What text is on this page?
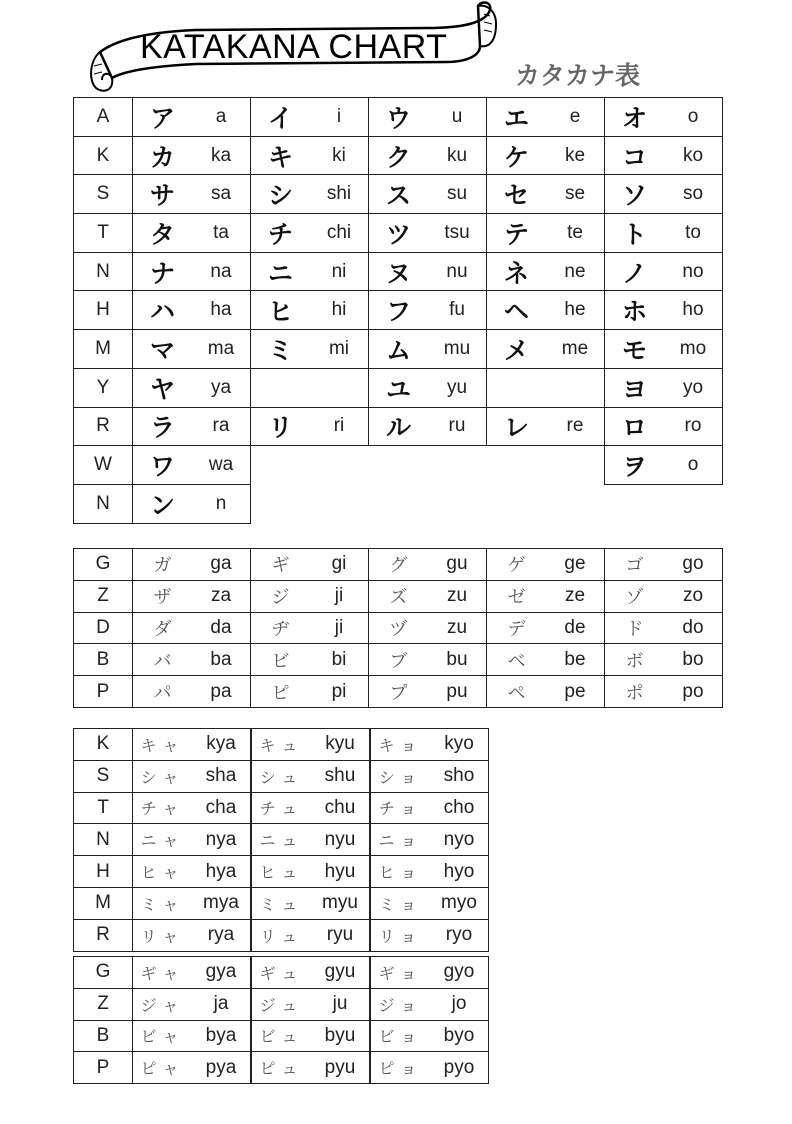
KATAKANA CHART
カタカナ表
A	ア	a	イ	i	ウ	u	エ	e	オ	o
K	カ	ka	キ	ki	ク	ku	ケ	ke	コ	ko
S	サ	sa	シ	shi	ス	su	セ	se	ソ	so
T	タ	ta	チ	chi	ツ	tsu	テ	te	ト	to
N	ナ	na	ニ	ni	ヌ	nu	ネ	ne	ノ	no
H	ハ	ha	ヒ	hi	フ	fu	ヘ	he	ホ	ho
M	マ	ma	ミ	mi	ム	mu	メ	me	モ	mo
Y	ヤ	ya			ユ	yu			ヨ	yo
R	ラ	ra	リ	ri	ル	ru	レ	re	ロ	ro
W	ワ	wa							ヲ	o
N	ン	n								
G	ガ	ga	ギ	gi	グ	gu	ゲ	ge	ゴ	go
Z	ザ	za	ジ	ji	ズ	zu	ゼ	ze	ゾ	zo
D	ダ	da	ヂ	ji	ヅ	zu	デ	de	ド	do
B	バ	ba	ビ	bi	ブ	bu	ベ	be	ボ	bo
P	パ	pa	ピ	pi	プ	pu	ペ	pe	ポ	po
K	キャ	kya		キュ	kyu		キョ	kyo
S	シャ	sha		シュ	shu		ショ	sho
T	チャ	cha		チュ	chu		チョ	cho
N	ニャ	nya		ニュ	nyu		ニョ	nyo
H	ヒャ	hya		ヒュ	hyu		ヒョ	hyo
M	ミャ	mya		ミュ	myu		ミョ	myo
R	リャ	rya		リュ	ryu		リョ	ryo
G	ギャ	gya		ギュ	gyu		ギョ	gyo
Z	ジャ	ja		ジュ	ju		ジョ	jo
B	ビャ	bya		ビュ	byu		ビョ	byo
P	ピャ	pya		ピュ	pyu		ピョ	pyo
